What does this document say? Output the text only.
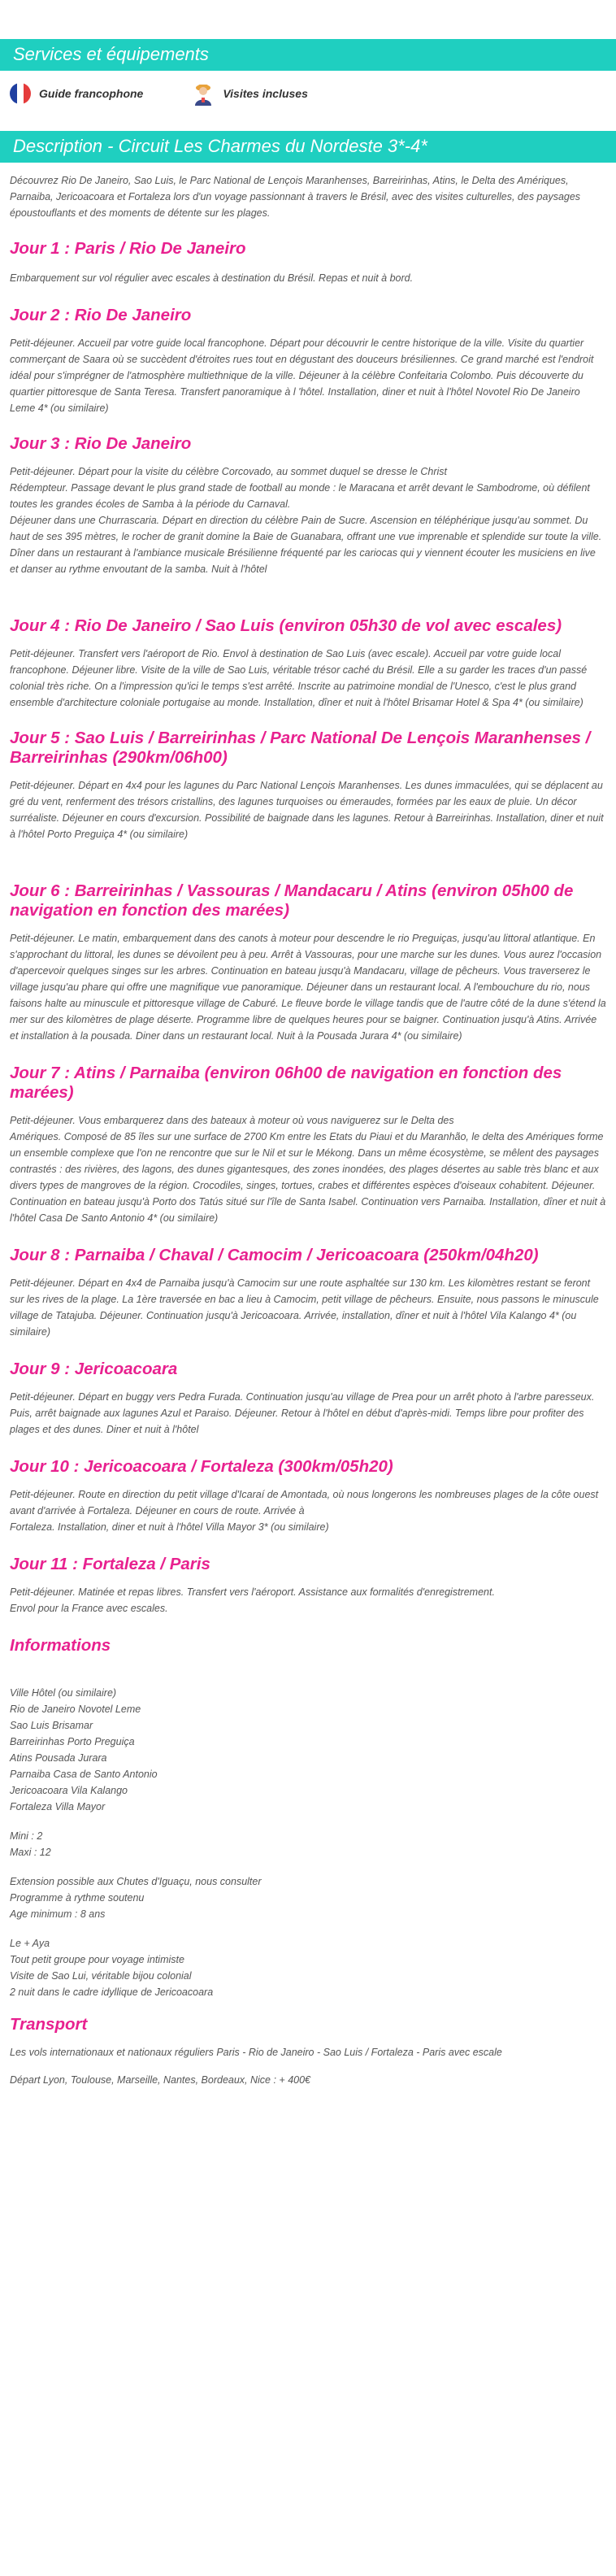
Services et équipements
Guide francophone	Visites incluses
Description - Circuit Les Charmes du Nordeste 3*-4*
Découvrez Rio De Janeiro, Sao Luis, le Parc National de Lençois Maranhenses, Barreirinhas, Atins, le Delta des Amériques, Parnaiba, Jericoacoara et Fortaleza lors d'un voyage passionnant à travers le Brésil, avec des visites culturelles, des paysages époustouflants et des moments de détente sur les plages.
Jour 1 : Paris / Rio De Janeiro
Embarquement sur vol régulier avec escales à destination du Brésil. Repas et nuit à bord.
Jour 2 : Rio De Janeiro
Petit-déjeuner. Accueil par votre guide local francophone. Départ pour découvrir le centre historique de la ville. Visite du quartier commerçant de Saara où se succèdent d'étroites rues tout en dégustant des douceurs brésiliennes. Ce grand marché est l'endroit idéal pour s'imprégner de l'atmosphère multiethnique de la ville. Déjeuner à la célèbre Confeitaria Colombo. Puis découverte du quartier pittoresque de Santa Teresa. Transfert panoramique à l 'hôtel. Installation, diner et nuit à l'hôtel Novotel Rio De Janeiro Leme 4* (ou similaire)
Jour 3 : Rio De Janeiro
Petit-déjeuner. Départ pour la visite du célèbre Corcovado, au sommet duquel se dresse le Christ
Rédempteur. Passage devant le plus grand stade de football au monde : le Maracana et arrêt devant le Sambodrome, où défilent toutes les grandes écoles de Samba à la période du Carnaval.
Déjeuner dans une Churrascaria. Départ en direction du célèbre Pain de Sucre. Ascension en téléphérique jusqu'au sommet. Du haut de ses 395 mètres, le rocher de granit domine la Baie de Guanabara, offrant une vue imprenable et splendide sur toute la ville. Dîner dans un restaurant à l'ambiance musicale Brésilienne fréquenté par les cariocas qui y viennent écouter les musiciens en live et danser au rythme envoutant de la samba. Nuit à l'hôtel
Jour 4 : Rio De Janeiro / Sao Luis (environ 05h30 de vol avec escales)
Petit-déjeuner. Transfert vers l'aéroport de Rio. Envol à destination de Sao Luis (avec escale). Accueil par votre guide local francophone. Déjeuner libre. Visite de la ville de Sao Luis, véritable trésor caché du Brésil. Elle a su garder les traces d'un passé colonial très riche. On a l'impression qu'ici le temps s'est arrêté. Inscrite au patrimoine mondial de l'Unesco, c'est le plus grand ensemble d'architecture coloniale portugaise au monde. Installation, dîner et nuit à l'hôtel Brisamar Hotel & Spa 4* (ou similaire)
Jour 5 : Sao Luis / Barreirinhas / Parc National De Lençois Maranhenses / Barreirinhas (290km/06h00)
Petit-déjeuner. Départ en 4x4 pour les lagunes du Parc National Lençois Maranhenses. Les dunes immaculées, qui se déplacent au gré du vent, renferment des trésors cristallins, des lagunes turquoises ou émeraudes, formées par les eaux de pluie. Un décor surréaliste. Déjeuner en cours d'excursion. Possibilité de baignade dans les lagunes. Retour à Barreirinhas. Installation, diner et nuit à l'hôtel Porto Preguiça 4* (ou similaire)
Jour 6 : Barreirinhas / Vassouras / Mandacaru / Atins (environ 05h00 de navigation en fonction des marées)
Petit-déjeuner. Le matin, embarquement dans des canots à moteur pour descendre le rio Preguiças, jusqu'au littoral atlantique. En s'approchant du littoral, les dunes se dévoilent peu à peu. Arrêt à Vassouras, pour une marche sur les dunes. Vous aurez l'occasion d'apercevoir quelques singes sur les arbres. Continuation en bateau jusqu'à Mandacaru, village de pêcheurs. Vous traverserez le village jusqu'au phare qui offre une magnifique vue panoramique. Déjeuner dans un restaurant local. A l'embouchure du rio, nous faisons halte au minuscule et pittoresque village de Caburé. Le fleuve borde le village tandis que de l'autre côté de la dune s'étend la mer sur des kilomètres de plage déserte. Programme libre de quelques heures pour se baigner. Continuation jusqu'à Atins. Arrivée et installation à la pousada. Diner dans un restaurant local. Nuit à la Pousada Jurara 4* (ou similaire)
Jour 7 : Atins / Parnaiba (environ 06h00 de navigation en fonction des marées)
Petit-déjeuner. Vous embarquerez dans des bateaux à moteur où vous naviguerez sur le Delta des
Amériques. Composé de 85 îles sur une surface de 2700 Km entre les Etats du Piaui et du Maranhão, le delta des Amériques forme un ensemble complexe que l'on ne rencontre que sur le Nil et sur le Mékong. Dans un même écosystème, se mêlent des paysages contrastés : des rivières, des lagons, des dunes gigantesques, des zones inondées, des plages désertes au sable très blanc et aux divers types de mangroves de la région. Crocodiles, singes, tortues, crabes et différentes espèces d'oiseaux cohabitent. Déjeuner. Continuation en bateau jusqu'à Porto dos Tatús situé sur l'île de Santa Isabel. Continuation vers Parnaiba. Installation, dîner et nuit à l'hôtel Casa De Santo Antonio 4* (ou similaire)
Jour 8 : Parnaiba / Chaval / Camocim / Jericoacoara (250km/04h20)
Petit-déjeuner. Départ en 4x4 de Parnaiba jusqu'à Camocim sur une route asphaltée sur 130 km. Les kilomètres restant se feront sur les rives de la plage. La 1ère traversée en bac a lieu à Camocim, petit village de pêcheurs. Ensuite, nous passons le minuscule village de Tatajuba. Déjeuner. Continuation jusqu'à Jericoacoara. Arrivée, installation, dîner et nuit à l'hôtel Vila Kalango 4* (ou similaire)
Jour 9 : Jericoacoara
Petit-déjeuner. Départ en buggy vers Pedra Furada. Continuation jusqu'au village de Prea pour un arrêt photo à l'arbre paresseux. Puis, arrêt baignade aux lagunes Azul et Paraiso. Déjeuner. Retour à l'hôtel en début d'après-midi. Temps libre pour profiter des plages et des dunes. Diner et nuit à l'hôtel
Jour 10 : Jericoacoara / Fortaleza (300km/05h20)
Petit-déjeuner. Route en direction du petit village d'Icaraí de Amontada, où nous longerons les nombreuses plages de la côte ouest avant d'arrivée à Fortaleza. Déjeuner en cours de route. Arrivée à
Fortaleza. Installation, diner et nuit à l'hôtel Villa Mayor 3* (ou similaire)
Jour 11 : Fortaleza / Paris
Petit-déjeuner. Matinée et repas libres. Transfert vers l'aéroport. Assistance aux formalités d'enregistrement.
Envol pour la France avec escales.
Informations
Ville Hôtel (ou similaire)
Rio de Janeiro Novotel Leme
Sao Luis Brisamar
Barreirinhas Porto Preguiça
Atins Pousada Jurara
Parnaiba Casa de Santo Antonio
Jericoacoara Vila Kalango
Fortaleza Villa Mayor
Mini : 2
Maxi : 12
Extension possible aux Chutes d'Iguaçu, nous consulter
Programme à rythme soutenu
Age minimum : 8 ans
Le + Aya
Tout petit groupe pour voyage intimiste
Visite de Sao Lui, véritable bijou colonial
2 nuit dans le cadre idyllique de Jericoacoara
Transport
Les vols internationaux et nationaux réguliers Paris - Rio de Janeiro - Sao Luis / Fortaleza - Paris avec escale
Départ Lyon, Toulouse, Marseille, Nantes, Bordeaux, Nice : + 400€
